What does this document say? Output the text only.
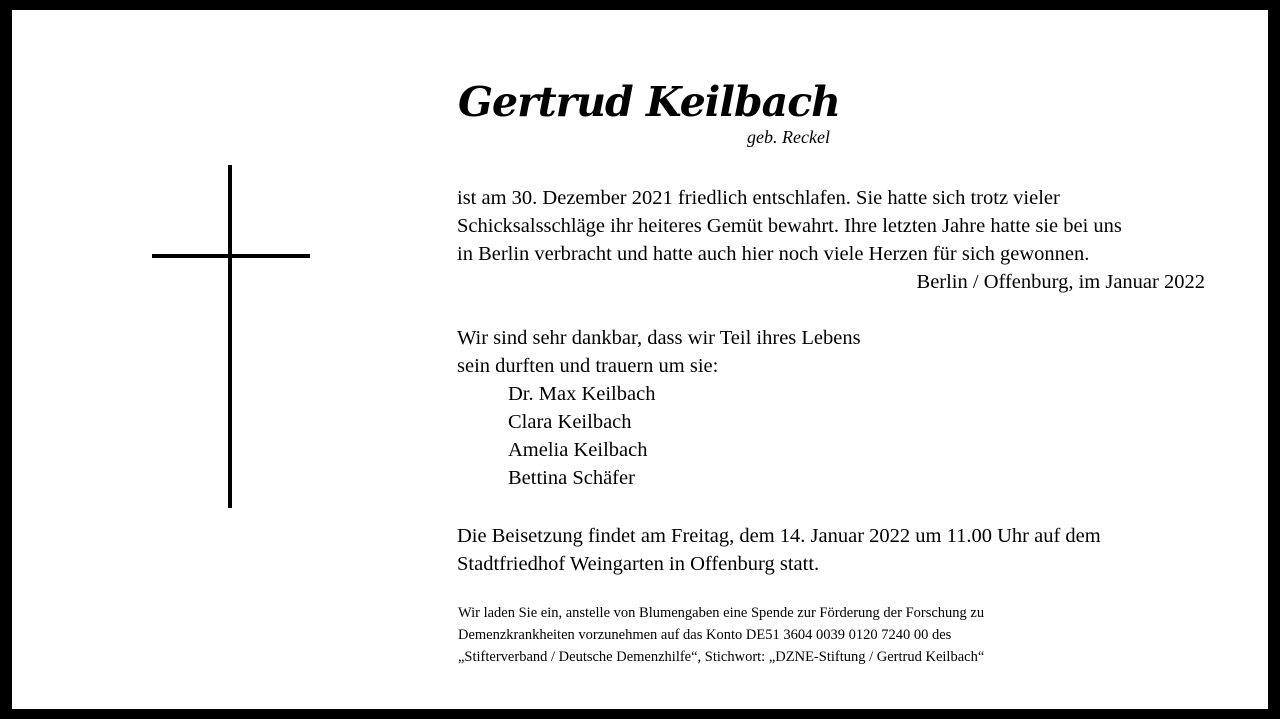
Gertrud Keilbach
geb. Reckel
ist am 30. Dezember 2021 friedlich entschlafen. Sie hatte sich trotz vieler
Schicksalsschläge ihr heiteres Gemüt bewahrt. Ihre letzten Jahre hatte sie bei uns
in Berlin verbracht und hatte auch hier noch viele Herzen für sich gewonnen.
Berlin / Offenburg, im Januar 2022
Wir sind sehr dankbar, dass wir Teil ihres Lebens
sein durften und trauern um sie:
Dr. Max Keilbach
Clara Keilbach
Amelia Keilbach
Bettina Schäfer
Die Beisetzung findet am Freitag, dem 14. Januar 2022 um 11.00 Uhr auf dem
Stadtfriedhof Weingarten in Offenburg statt.
Wir laden Sie ein, anstelle von Blumengaben eine Spende zur Förderung der Forschung zu
Demenzkrankheiten vorzunehmen auf das Konto DE51 3604 0039 0120 7240 00 des
„Stifterverband / Deutsche Demenzhilfe“, Stichwort: „DZNE-Stiftung / Gertrud Keilbach“
